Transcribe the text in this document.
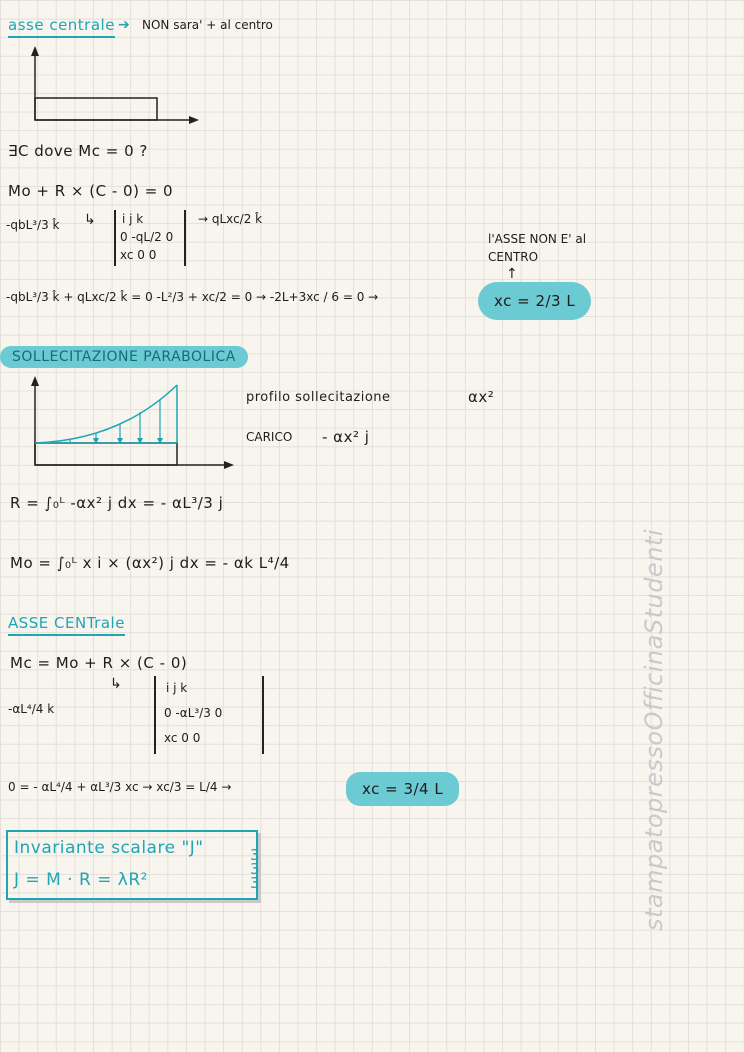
asse centrale ➔ NON sara' + al centro
∃C dove Mc = 0 ?
Mo + R × (C - 0) = 0
-qbL³/3 k̂ ↳	i j k
0 -qL/2 0
xc 0 0
→ qLxc/2 k̂
l'ASSE NON E' al CENTRO
↑
-qbL³/3 k̂ + qLxc/2 k̂ = 0 -L²/3 + xc/2 = 0 → -2L+3xc / 6 = 0 →	xc = 2/3 L
SOLLECITAZIONE PARABOLICA
profilo sollecitazione	αx²
CARICO - αx² j
R = ∫₀ᴸ -αx² j dx = - αL³/3 j
Mo = ∫₀ᴸ x i × (αx²) j dx = - αk L⁴/4
ASSE CENTrale
Mc = Mo + R × (C - 0)
-αL⁴/4 k
↳	i j k
0 -αL³/3 0
xc 0 0
0 = - αL⁴/4 + αL³/3 xc → xc/3 = L/4 →	xc = 3/4 L
Invariante scalare "J"
J = M · R = λR²
3 3 3	stampatopressoOfficinaStudenti
